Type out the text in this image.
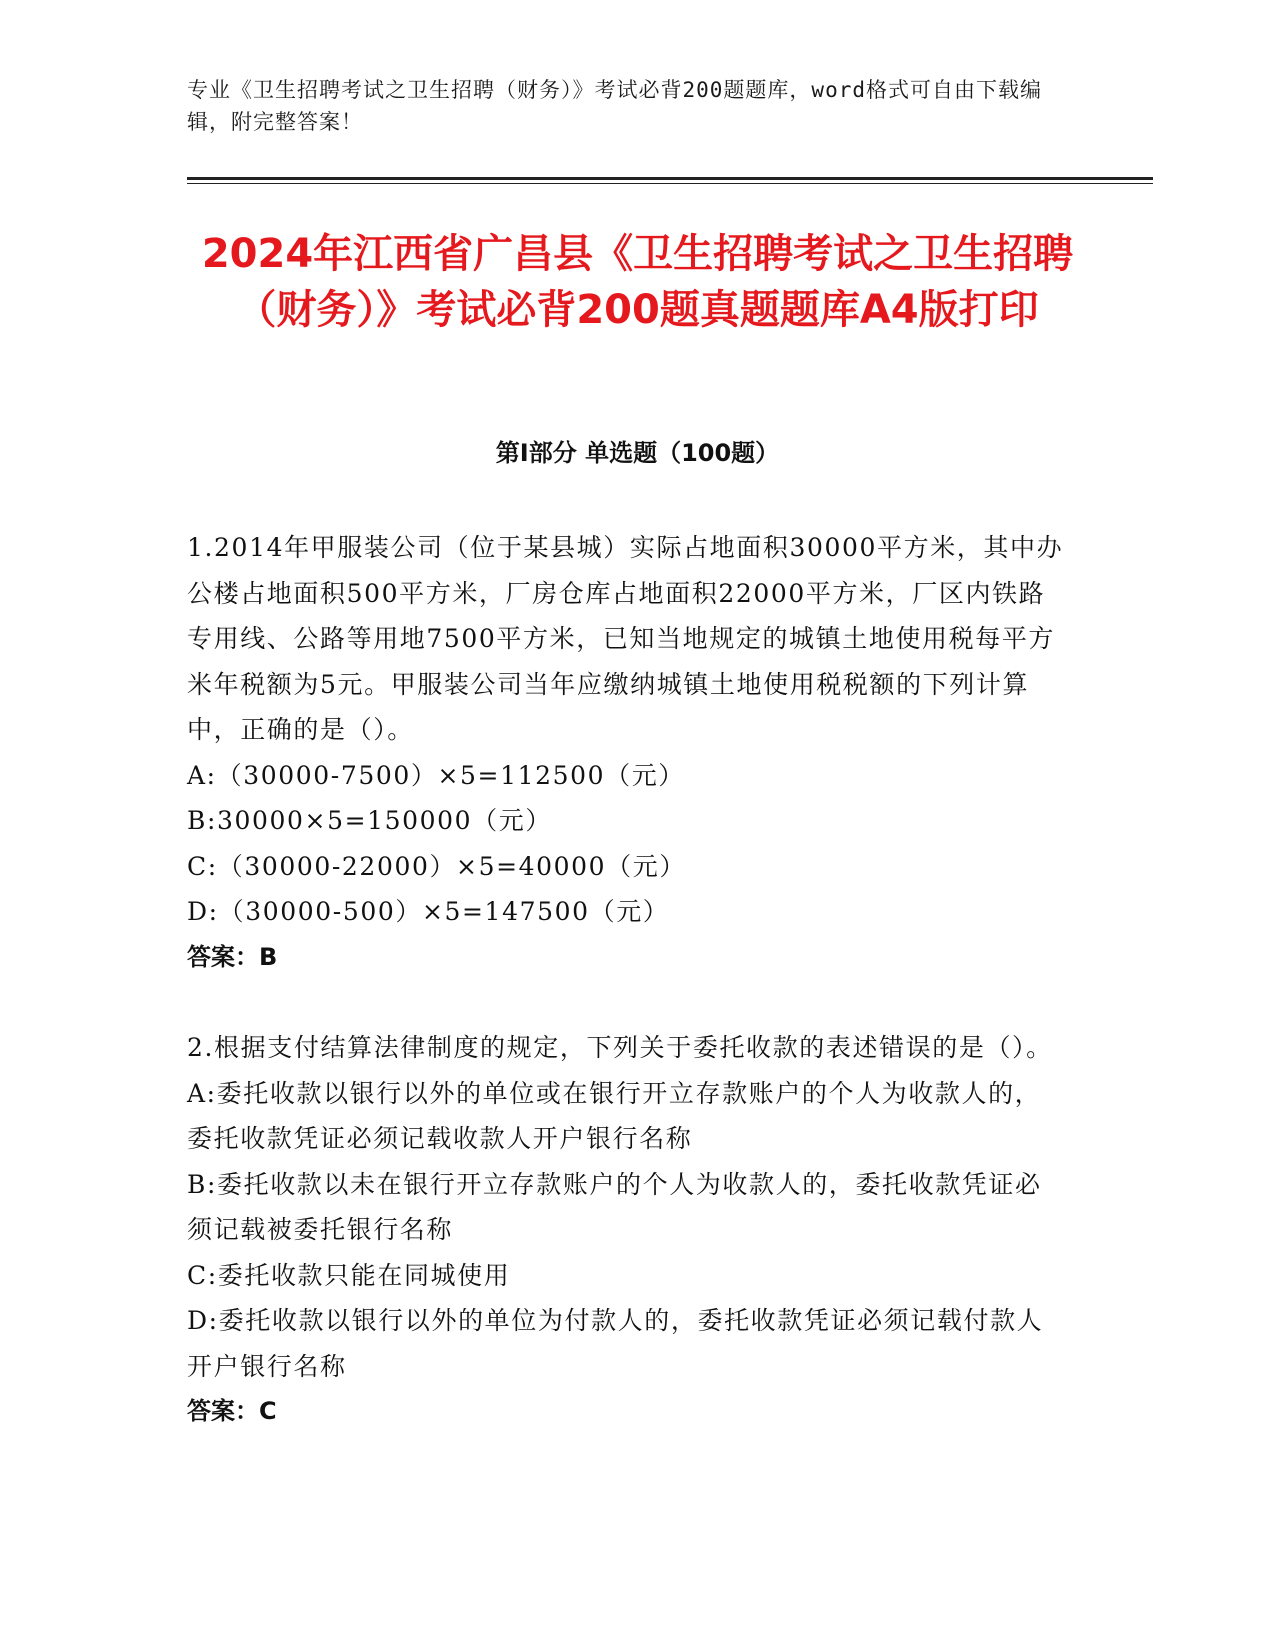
专业《卫生招聘考试之卫生招聘（财务）》考试必背200题题库，word格式可自由下载编辑，附完整答案！
2024年江西省广昌县《卫生招聘考试之卫生招聘（财务）》考试必背200题真题题库A4版打印
第Ⅰ部分 单选题（100题）

1.2014年甲服装公司（位于某县城）实际占地面积30000平方米，其中办公楼占地面积500平方米，厂房仓库占地面积22000平方米，厂区内铁路专用线、公路等用地7500平方米，已知当地规定的城镇土地使用税每平方米年税额为5元。甲服装公司当年应缴纳城镇土地使用税税额的下列计算中，正确的是（）。

A:（30000-7500）×5=112500（元）

B:30000×5=150000（元）

C:（30000-22000）×5=40000（元）

D:（30000-500）×5=147500（元）

答案：B

2.根据支付结算法律制度的规定，下列关于委托收款的表述错误的是（）。

A:委托收款以银行以外的单位或在银行开立存款账户的个人为收款人的，委托收款凭证必须记载收款人开户银行名称

B:委托收款以未在银行开立存款账户的个人为收款人的，委托收款凭证必须记载被委托银行名称

C:委托收款只能在同城使用

D:委托收款以银行以外的单位为付款人的，委托收款凭证必须记载付款人开户银行名称

答案：C
